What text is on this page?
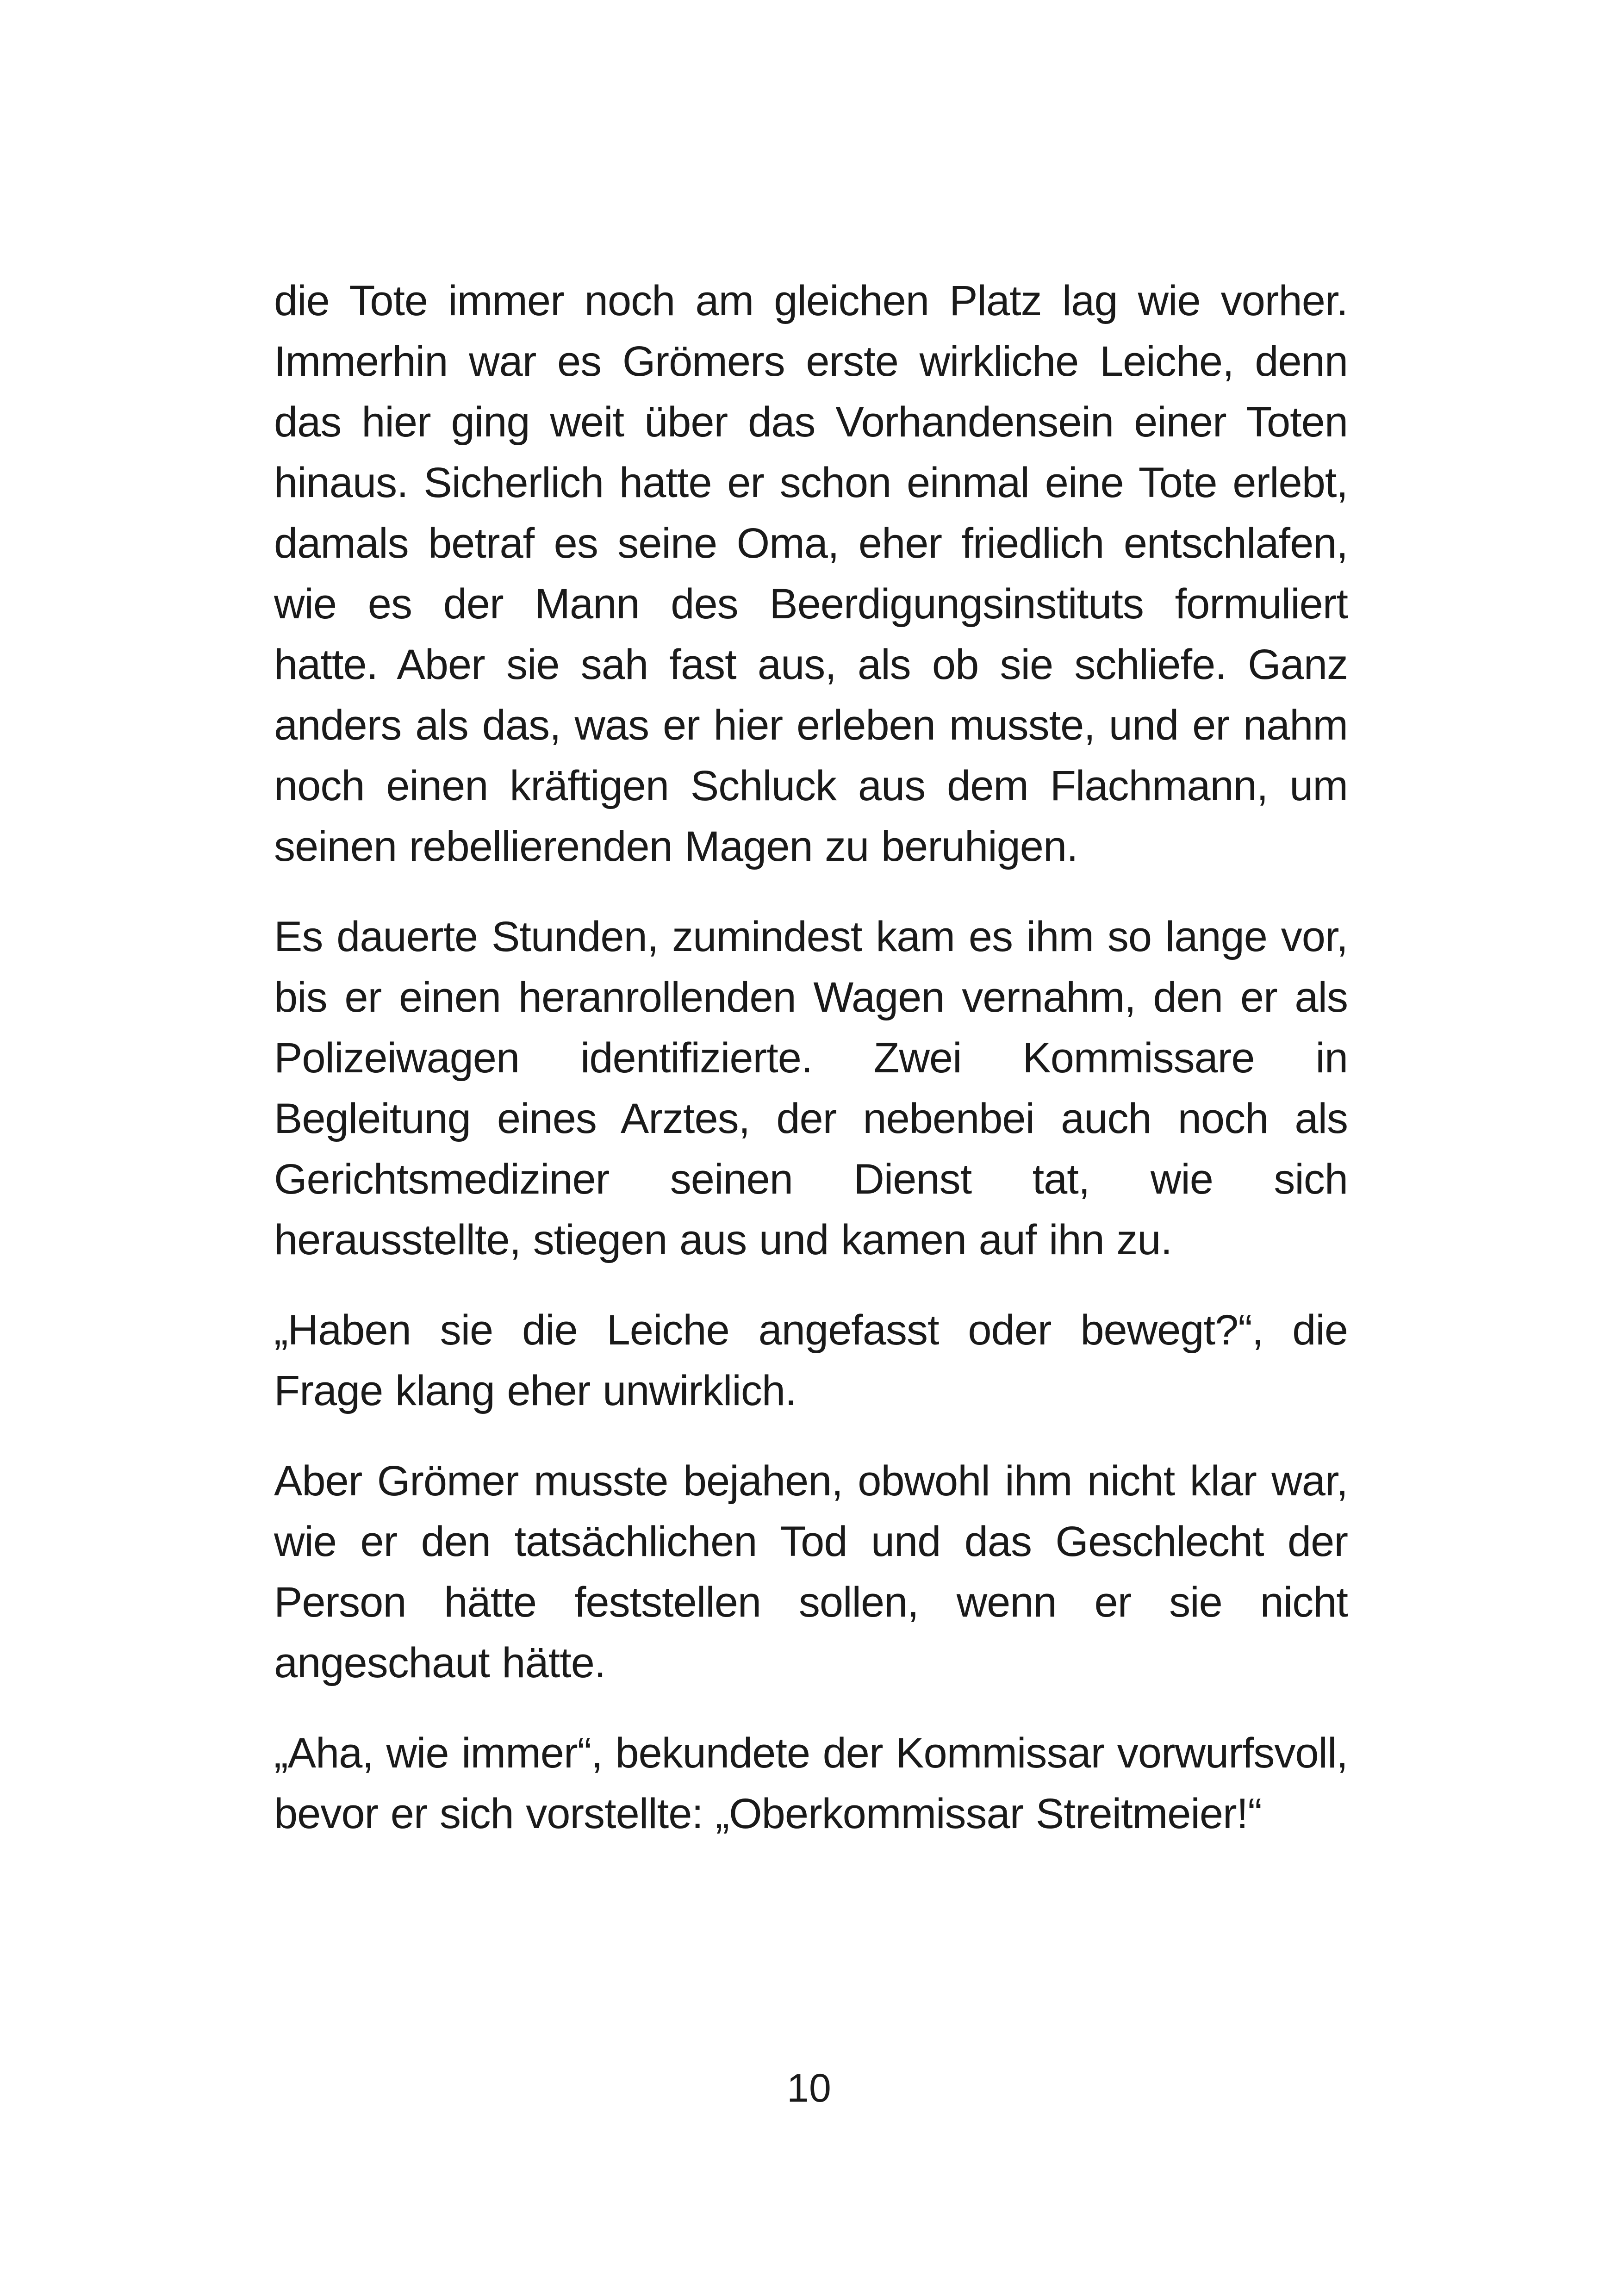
die Tote immer noch am gleichen Platz lag wie vorher. Immerhin war es Grömers erste wirkliche Leiche, denn das hier ging weit über das Vorhandensein einer Toten hinaus. Sicherlich hatte er schon einmal eine Tote erlebt, damals betraf es seine Oma, eher friedlich entschlafen, wie es der Mann des Beerdigungsinstituts formuliert hatte. Aber sie sah fast aus, als ob sie schliefe. Ganz anders als das, was er hier erleben musste, und er nahm noch einen kräftigen Schluck aus dem Flachmann, um seinen rebellierenden Magen zu beruhigen.

Es dauerte Stunden, zumindest kam es ihm so lange vor, bis er einen heranrollenden Wagen vernahm, den er als Polizeiwagen identifizierte. Zwei Kommissare in Begleitung eines Arztes, der nebenbei auch noch als Gerichtsmediziner seinen Dienst tat, wie sich herausstellte, stiegen aus und kamen auf ihn zu.

„Haben sie die Leiche angefasst oder bewegt?“, die Frage klang eher unwirklich.

Aber Grömer musste bejahen, obwohl ihm nicht klar war, wie er den tatsächlichen Tod und das Geschlecht der Person hätte feststellen sollen, wenn er sie nicht angeschaut hätte.

„Aha, wie immer“, bekundete der Kommissar vorwurfsvoll, bevor er sich vorstellte: „Oberkommissar Streitmeier!“

10
